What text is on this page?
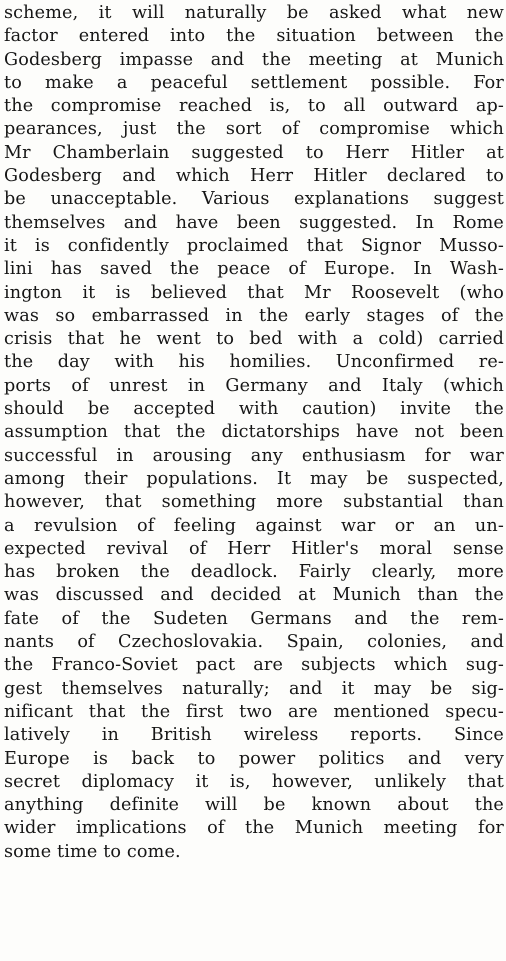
scheme, it will naturally be asked what new
factor entered into the situation between the
Godesberg impasse and the meeting at Munich
to make a peaceful settlement possible. For
the compromise reached is, to all outward ap-
pearances, just the sort of compromise which
Mr Chamberlain suggested to Herr Hitler at
Godesberg and which Herr Hitler declared to
be unacceptable. Various explanations suggest
themselves and have been suggested. In Rome
it is confidently proclaimed that Signor Musso-
lini has saved the peace of Europe. In Wash-
ington it is believed that Mr Roosevelt (who
was so embarrassed in the early stages of the
crisis that he went to bed with a cold) carried
the day with his homilies. Unconfirmed re-
ports of unrest in Germany and Italy (which
should be accepted with caution) invite the
assumption that the dictatorships have not been
successful in arousing any enthusiasm for war
among their populations. It may be suspected,
however, that something more substantial than
a revulsion of feeling against war or an un-
expected revival of Herr Hitler's moral sense
has broken the deadlock. Fairly clearly, more
was discussed and decided at Munich than the
fate of the Sudeten Germans and the rem-
nants of Czechoslovakia. Spain, colonies, and
the Franco-Soviet pact are subjects which sug-
gest themselves naturally; and it may be sig-
nificant that the first two are mentioned specu-
latively in British wireless reports. Since
Europe is back to power politics and very
secret diplomacy it is, however, unlikely that
anything definite will be known about the
wider implications of the Munich meeting for
some time to come.
